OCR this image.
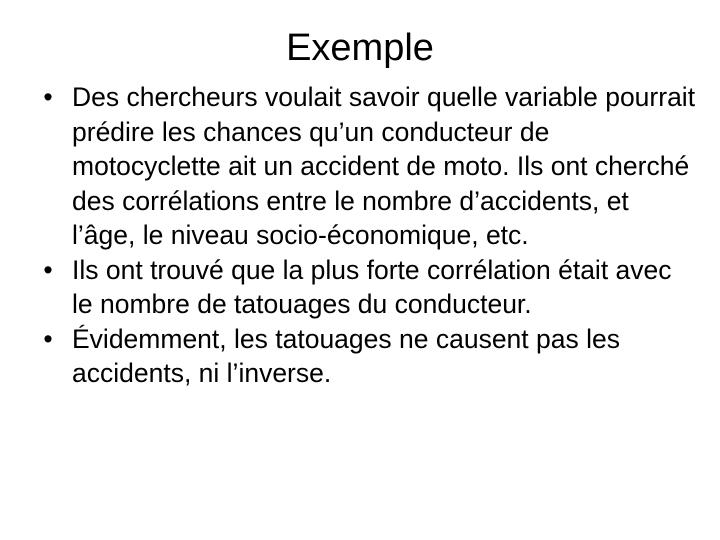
Exemple
• Des chercheurs voulait savoir quelle variable pourrait prédire les chances qu’un conducteur de motocyclette ait un accident de moto. Ils ont cherché des corrélations entre le nombre d’accidents, et l’âge, le niveau socio-économique, etc.
• Ils ont trouvé que la plus forte corrélation était avec le nombre de tatouages du conducteur.
• Évidemment, les tatouages ne causent pas les accidents, ni l’inverse.
